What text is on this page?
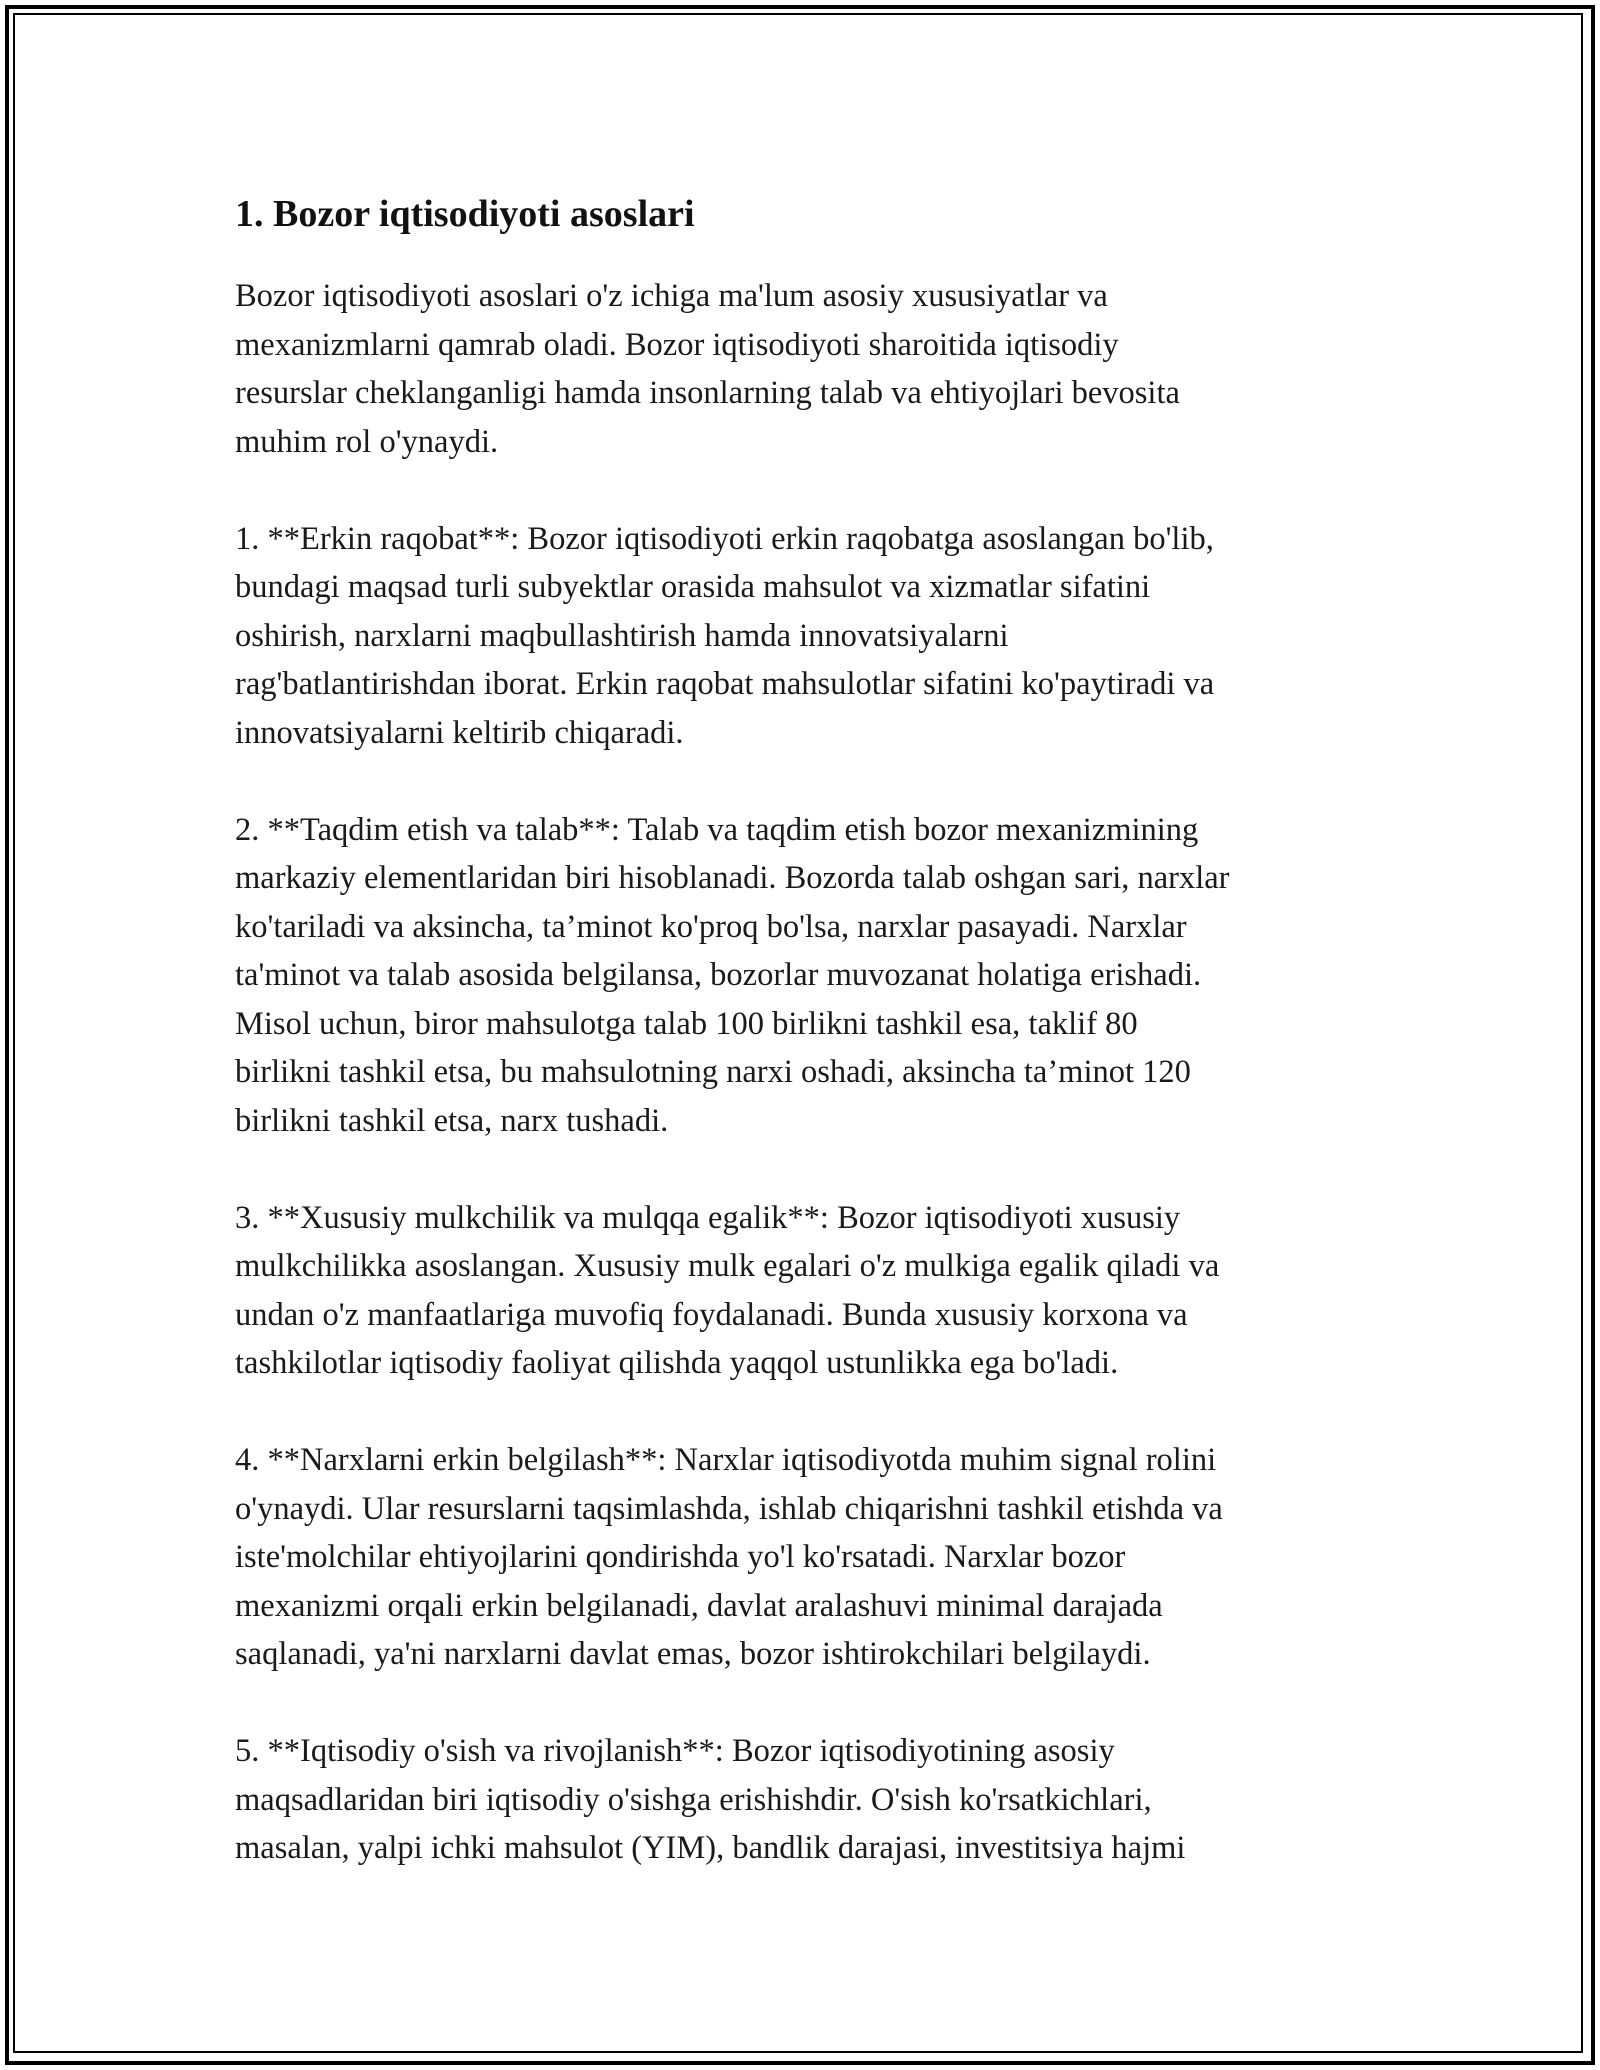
1. Bozor iqtisodiyoti asoslari

Bozor iqtisodiyoti asoslari o'z ichiga ma'lum asosiy xususiyatlar va
mexanizmlarni qamrab oladi. Bozor iqtisodiyoti sharoitida iqtisodiy
resurslar cheklanganligi hamda insonlarning talab va ehtiyojlari bevosita
muhim rol o'ynaydi.

1. **Erkin raqobat**: Bozor iqtisodiyoti erkin raqobatga asoslangan bo'lib,
bundagi maqsad turli subyektlar orasida mahsulot va xizmatlar sifatini
oshirish, narxlarni maqbullashtirish hamda innovatsiyalarni
rag'batlantirishdan iborat. Erkin raqobat mahsulotlar sifatini ko'paytiradi va
innovatsiyalarni keltirib chiqaradi.

2. **Taqdim etish va talab**: Talab va taqdim etish bozor mexanizmining
markaziy elementlaridan biri hisoblanadi. Bozorda talab oshgan sari, narxlar
ko'tariladi va aksincha, ta’minot ko'proq bo'lsa, narxlar pasayadi. Narxlar
ta'minot va talab asosida belgilansa, bozorlar muvozanat holatiga erishadi.
Misol uchun, biror mahsulotga talab 100 birlikni tashkil esa, taklif 80
birlikni tashkil etsa, bu mahsulotning narxi oshadi, aksincha ta’minot 120
birlikni tashkil etsa, narx tushadi.

3. **Xususiy mulkchilik va mulqqa egalik**: Bozor iqtisodiyoti xususiy
mulkchilikka asoslangan. Xususiy mulk egalari o'z mulkiga egalik qiladi va
undan o'z manfaatlariga muvofiq foydalanadi. Bunda xususiy korxona va
tashkilotlar iqtisodiy faoliyat qilishda yaqqol ustunlikka ega bo'ladi.

4. **Narxlarni erkin belgilash**: Narxlar iqtisodiyotda muhim signal rolini
o'ynaydi. Ular resurslarni taqsimlashda, ishlab chiqarishni tashkil etishda va
iste'molchilar ehtiyojlarini qondirishda yo'l ko'rsatadi. Narxlar bozor
mexanizmi orqali erkin belgilanadi, davlat aralashuvi minimal darajada
saqlanadi, ya'ni narxlarni davlat emas, bozor ishtirokchilari belgilaydi.

5. **Iqtisodiy o'sish va rivojlanish**: Bozor iqtisodiyotining asosiy
maqsadlaridan biri iqtisodiy o'sishga erishishdir. O'sish ko'rsatkichlari,
masalan, yalpi ichki mahsulot (YIM), bandlik darajasi, investitsiya hajmi
